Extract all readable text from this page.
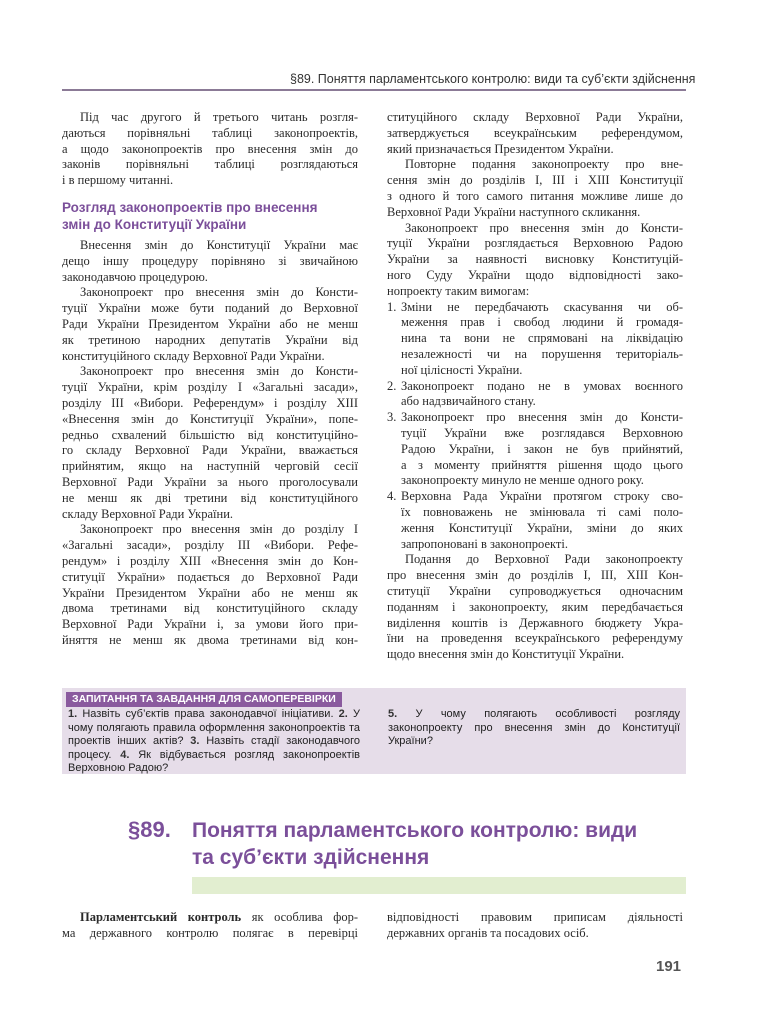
§89. Поняття парламентського контролю: види та суб’єкти здійснення
Під час другого й третього читань розгля-
даються порівняльні таблиці законопроектів,
а щодо законопроектів про внесення змін до
законів порівняльні таблиці розглядаються
і в першому читанні.
Розгляд законопроектів про внесення
змін до Конституції України
Внесення змін до Конституції України має
дещо іншу процедуру порівняно зі звичайною
законодавчою процедурою.
Законопроект про внесення змін до Консти-
туції України може бути поданий до Верховної
Ради України Президентом України або не менш
як третиною народних депутатів України від
конституційного складу Верховної Ради України.
Законопроект про внесення змін до Консти-
туції України, крім розділу I «Загальні засади»,
розділу III «Вибори. Референдум» і розділу XIII
«Внесення змін до Конституції України», попе-
редньо схвалений більшістю від конституційно-
го складу Верховної Ради України, вважається
прийнятим, якщо на наступній черговій сесії
Верховної Ради України за нього проголосували
не менш як дві третини від конституційного
складу Верховної Ради України.
Законопроект про внесення змін до розділу I
«Загальні засади», розділу III «Вибори. Рефе-
рендум» і розділу XIII «Внесення змін до Кон-
ституції України» подається до Верховної Ради
України Президентом України або не менш як
двома третинами від конституційного складу
Верховної Ради України і, за умови його при-
йняття не менш як двома третинами від кон-
ституційного складу Верховної Ради України,
затверджується всеукраїнським референдумом,
який призначається Президентом України.
Повторне подання законопроекту про вне-
сення змін до розділів I, III і XIII Конституції
з одного й того самого питання можливе лише до
Верховної Ради України наступного скликання.
Законопроект про внесення змін до Консти-
туції України розглядається Верховною Радою
України за наявності висновку Конституцій-
ного Суду України щодо відповідності зако-
нопроекту таким вимогам:
1. Зміни не передбачають скасування чи об-
меження прав і свобод людини й громадя-
нина та вони не спрямовані на ліквідацію
незалежності чи на порушення територіаль-
ної цілісності України.
2. Законопроект подано не в умовах воєнного
або надзвичайного стану.
3. Законопроект про внесення змін до Консти-
туції України вже розглядався Верховною
Радою України, і закон не був прийнятий,
а з моменту прийняття рішення щодо цього
законопроекту минуло не менше одного року.
4. Верховна Рада України протягом строку сво-
їх повноважень не змінювала ті самі поло-
ження Конституції України, зміни до яких
запропоновані в законопроекті.
Подання до Верховної Ради законопроекту
про внесення змін до розділів I, III, XIII Кон-
ституції України супроводжується одночасним
поданням і законопроекту, яким передбачається
виділення коштів із Державного бюджету Укра-
їни на проведення всеукраїнського референдуму
щодо внесення змін до Конституції України.
ЗАПИТАННЯ ТА ЗАВДАННЯ ДЛЯ САМОПЕРЕВІРКИ
1. Назвіть суб’єктів права законодавчої ініціативи. 2. У чому полягають правила оформлення законопроектів та проектів інших актів? 3. Назвіть стадії законодавчого процесу. 4. Як відбувається розгляд законопроектів Верховною Радою?
5. У чому полягають особливості розгляду законопроекту про внесення змін до Конституції України?
§89. Поняття парламентського контролю: види
та суб’єкти здійснення
Парламентський контроль як особлива фор-
ма державного контролю полягає в перевірці
відповідності правовим приписам діяльності
державних органів та посадових осіб.
191
